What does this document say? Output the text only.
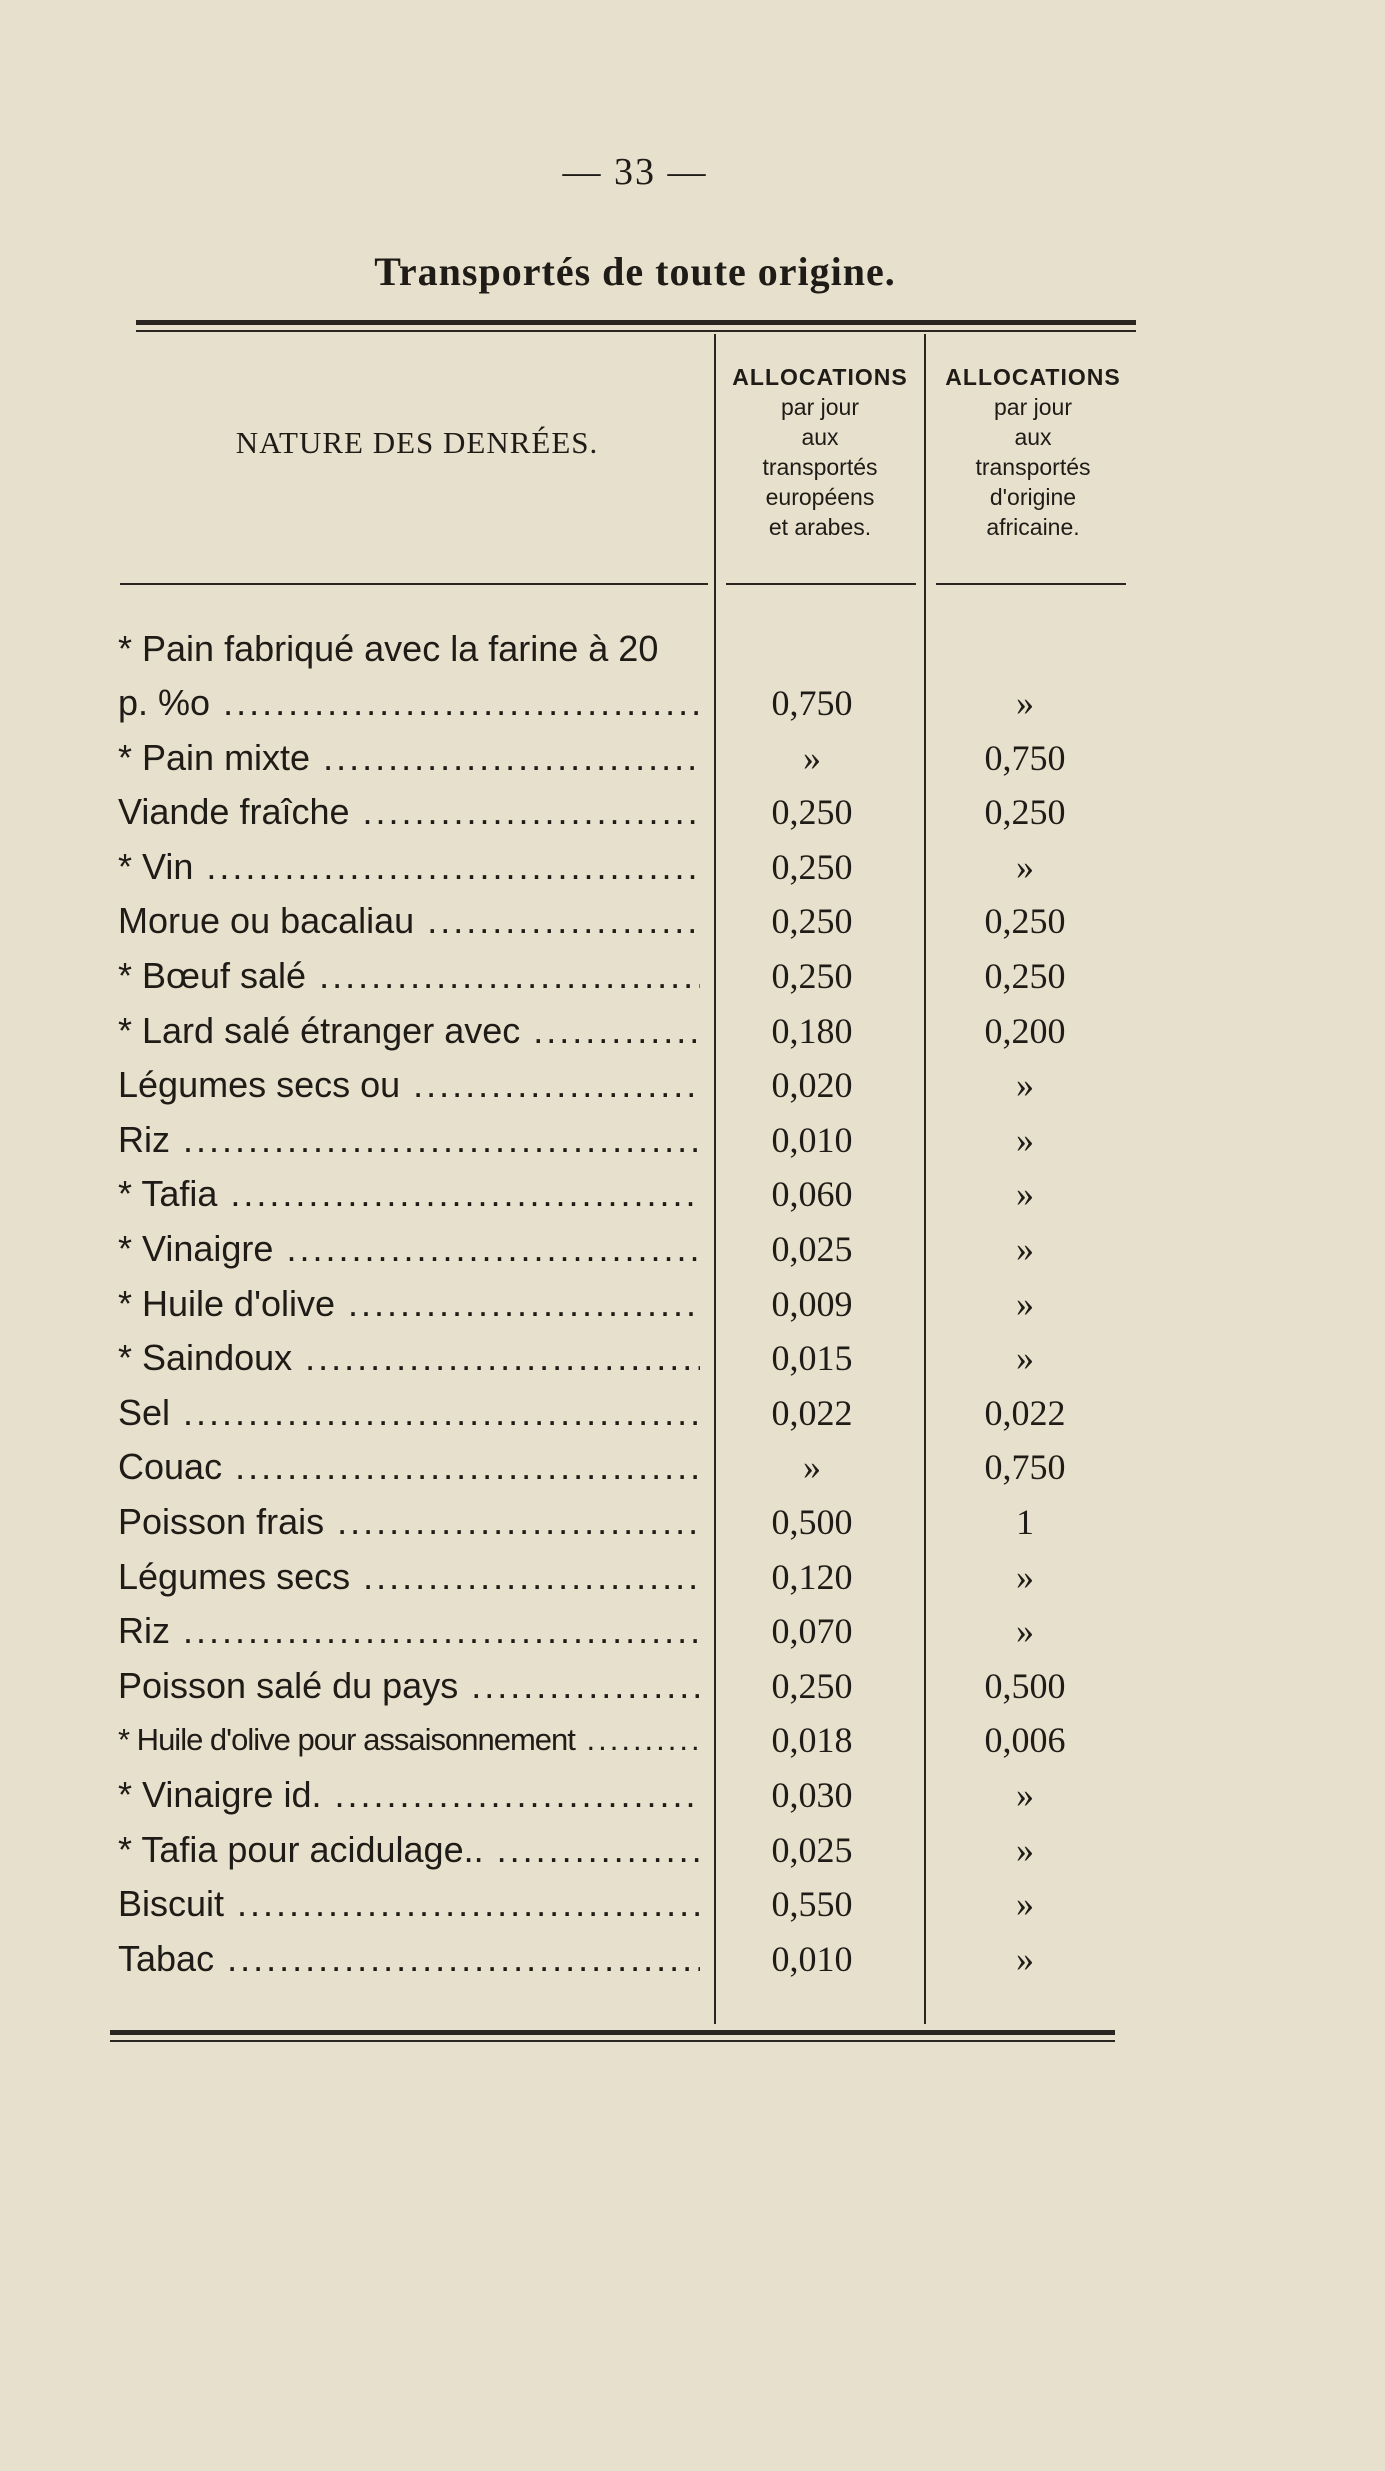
— 33 —
Transportés de toute origine.
NATURE DES DENRÉES.
ALLOCATIONS
par jour
aux
transportés
européens
et arabes.
ALLOCATIONS
par jour
aux
transportés
d'origine
africaine.
* Pain fabriqué avec la farine à 20
p. %o .....	0,750	»
* Pain mixte .....	»	0,750
Viande fraîche .....	0,250	0,250
* Vin .....	0,250	»
Morue ou bacaliau .....	0,250	0,250
* Bœuf salé .....	0,250	0,250
* Lard salé étranger avec .....	0,180	0,200
Légumes secs ou .....	0,020	»
Riz .....	0,010	»
* Tafia .....	0,060	»
* Vinaigre .....	0,025	»
* Huile d'olive .....	0,009	»
* Saindoux .....	0,015	»
Sel .....	0,022	0,022
Couac .....	»	0,750
Poisson frais .....	0,500	1
Légumes secs .....	0,120	»
Riz .....	0,070	»
Poisson salé du pays .....	0,250	0,500
* Huile d'olive pour assaisonnement .....	0,018	0,006
* Vinaigre id. .....	0,030	»
* Tafia pour acidulage.. .....	0,025	»
Biscuit .....	0,550	»
Tabac .....	0,010	»
